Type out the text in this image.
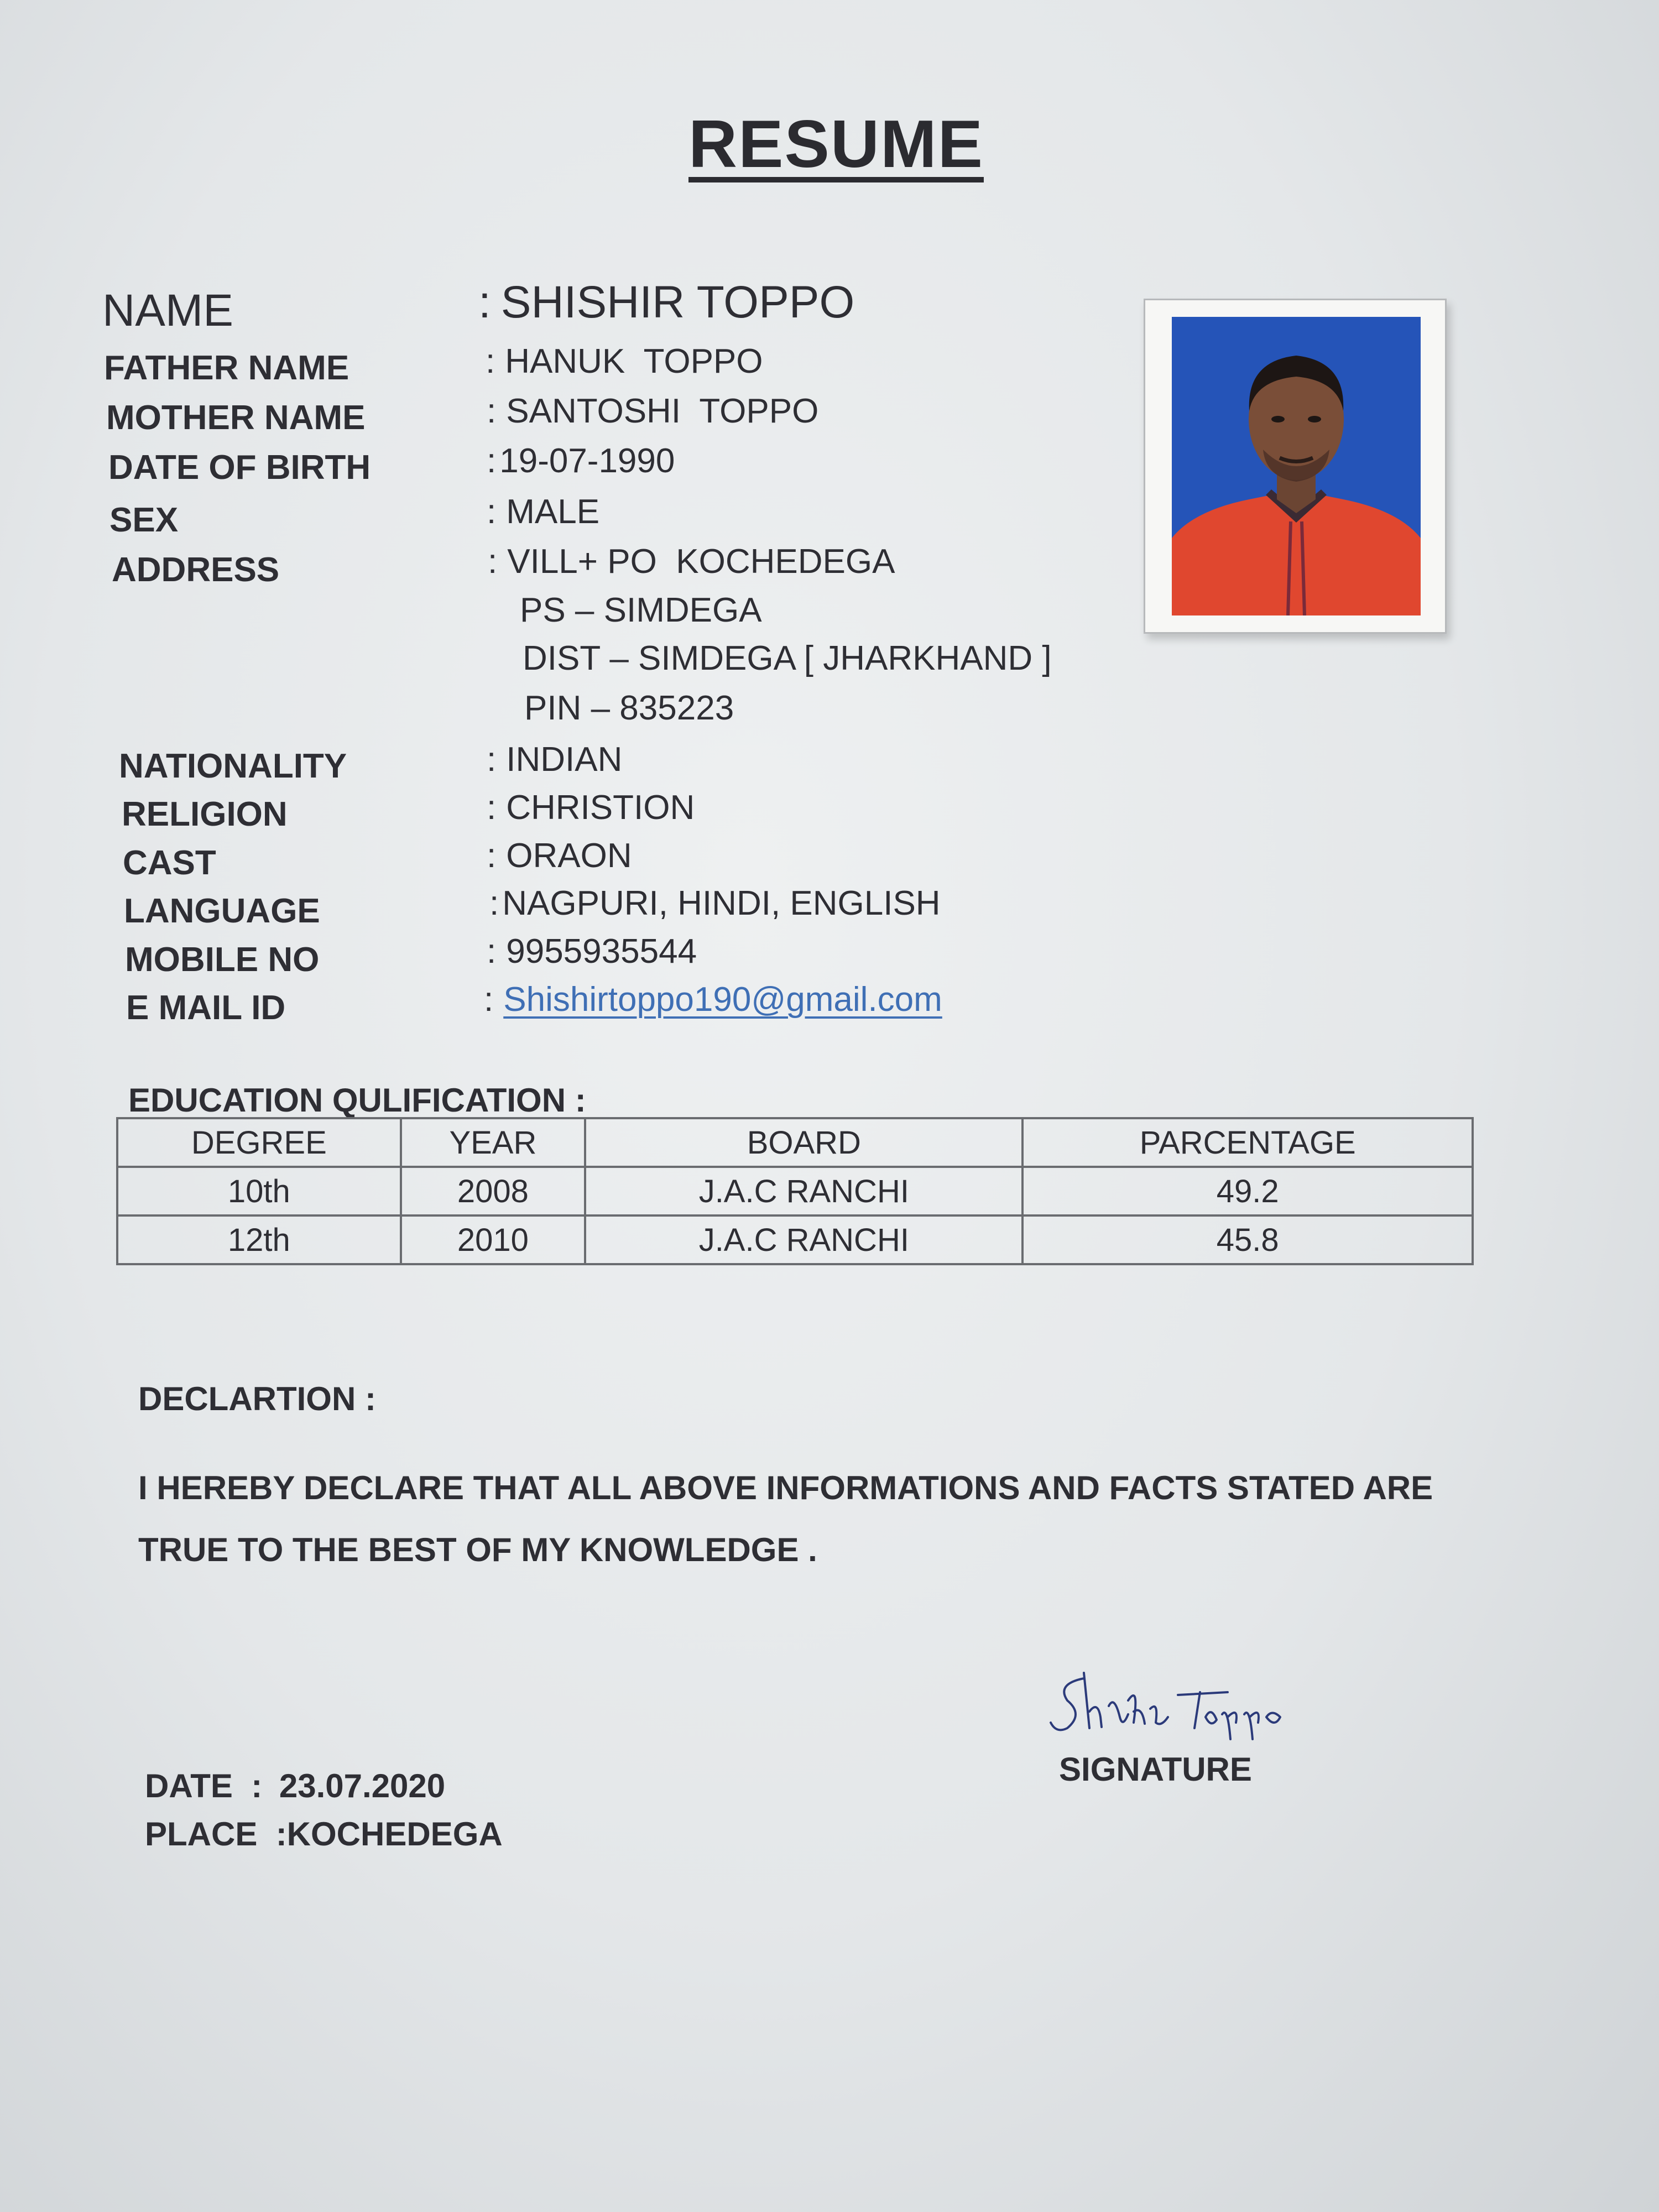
RESUME
NAME	: SHISHIR TOPPO
FATHER NAME	: HANUK  TOPPO
MOTHER NAME	: SANTOSHI  TOPPO
DATE OF BIRTH	:19-07-1990
SEX	: MALE
ADDRESS	: VILL+ PO  KOCHEDEGA
PS – SIMDEGA
DIST – SIMDEGA [ JHARKHAND ]
PIN – 835223
NATIONALITY	: INDIAN
RELIGION	: CHRISTION
CAST	: ORAON
LANGUAGE	:NAGPURI, HINDI, ENGLISH
MOBILE NO	: 9955935544
E MAIL ID	: Shishirtoppo190@gmail.com
EDUCATION QULIFICATION :
DEGREE	YEAR	BOARD	PARCENTAGE
10th	2008	J.A.C RANCHI	49.2
12th	2010	J.A.C RANCHI	45.8
DECLARTION :
I HEREBY DECLARE THAT ALL ABOVE INFORMATIONS AND FACTS STATED ARE TRUE TO THE BEST OF MY KNOWLEDGE .
SIGNATURE
DATE  : 23.07.2020
PLACE  :KOCHEDEGA
